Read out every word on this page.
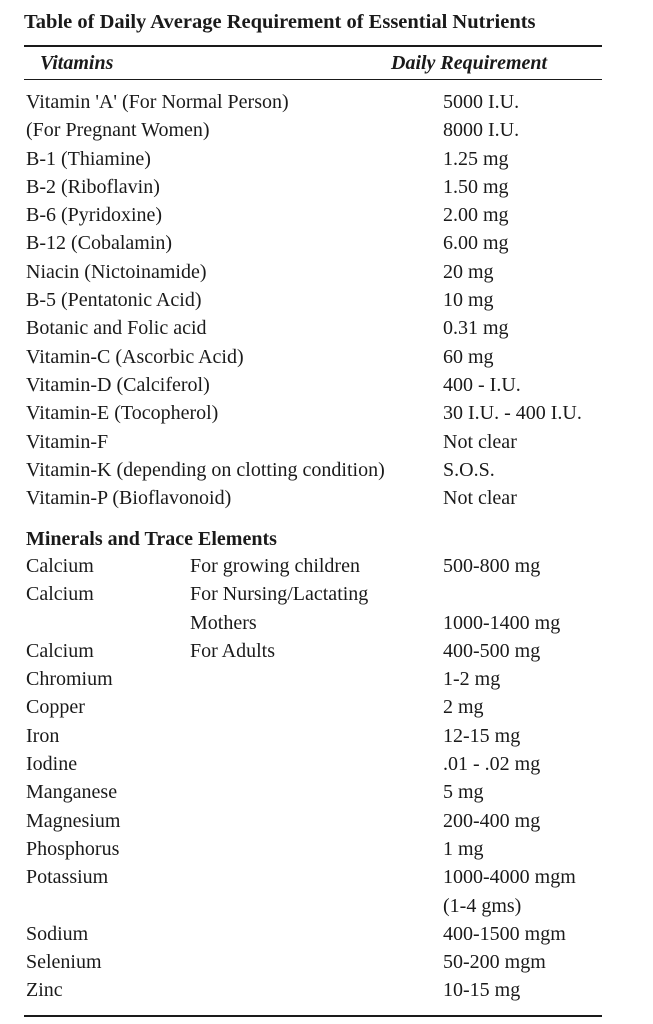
Table of Daily Average Requirement of Essential Nutrients
Vitamins	Daily Requirement
Vitamin 'A' (For Normal Person)	5000 I.U.
(For Pregnant Women)	8000 I.U.
B-1 (Thiamine)	1.25 mg
B-2 (Riboflavin)	1.50 mg
B-6 (Pyridoxine)	2.00 mg
B-12 (Cobalamin)	6.00 mg
Niacin (Nictoinamide)	20 mg
B-5 (Pentatonic Acid)	10 mg
Botanic and Folic acid	0.31 mg
Vitamin-C (Ascorbic Acid)	60 mg
Vitamin-D (Calciferol)	400 - I.U.
Vitamin-E (Tocopherol)	30 I.U. - 400 I.U.
Vitamin-F	Not clear
Vitamin-K (depending on clotting condition)	S.O.S.
Vitamin-P (Bioflavonoid)	Not clear
Minerals and Trace Elements
Calcium	For growing children	500-800 mg
Calcium	For Nursing/Lactating
Mothers	1000-1400 mg
Calcium	For Adults	400-500 mg
Chromium	1-2 mg
Copper	2 mg
Iron	12-15 mg
Iodine	.01 - .02 mg
Manganese	5 mg
Magnesium	200-400 mg
Phosphorus	1 mg
Potassium	1000-4000 mgm
(1-4 gms)
Sodium	400-1500 mgm
Selenium	50-200 mgm
Zinc	10-15 mg
